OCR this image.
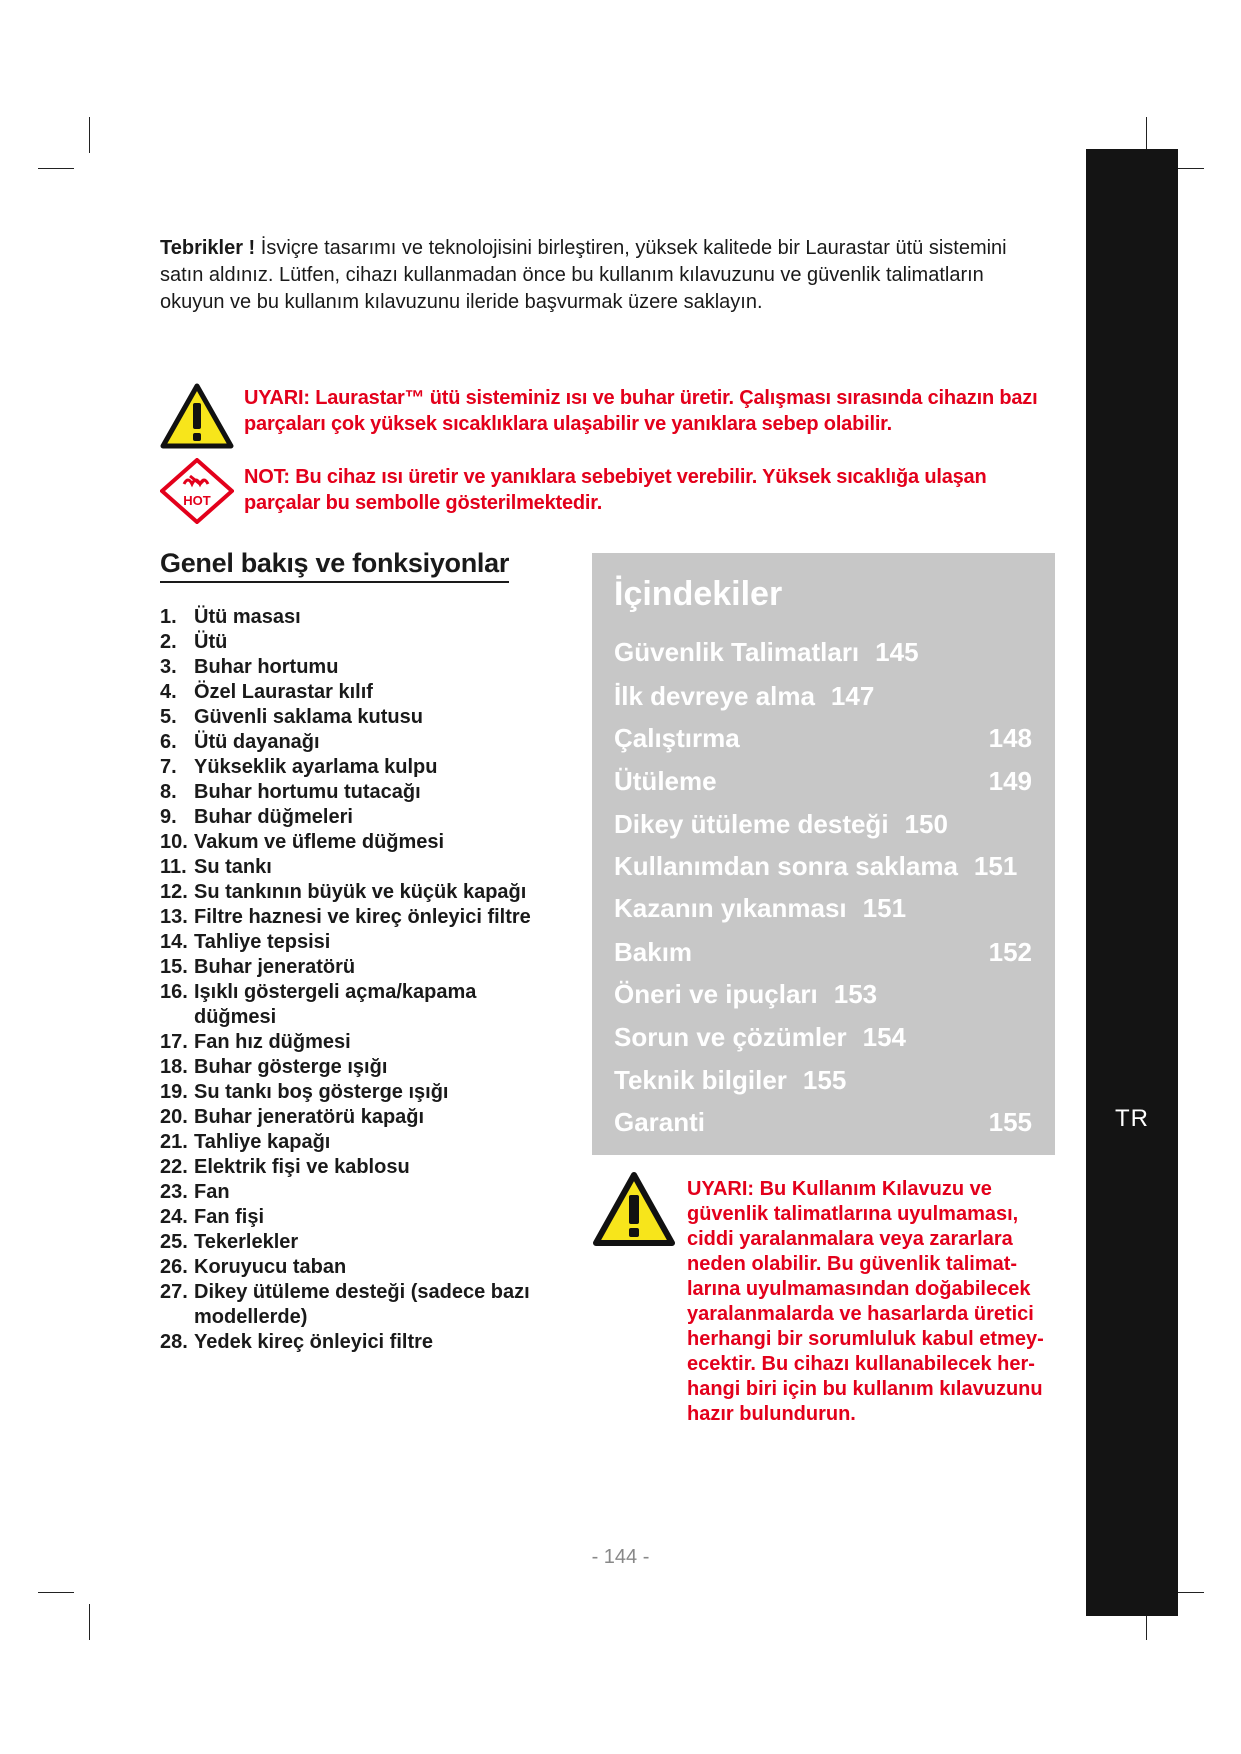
TR
Tebrikler ! İsviçre tasarımı ve teknolojisini birleştiren, yüksek kalitede bir Laurastar ütü sistemini
satın aldınız. Lütfen, cihazı kullanmadan önce bu kullanım kılavuzunu ve güvenlik talimatların
okuyun ve bu kullanım kılavuzunu ileride başvurmak üzere saklayın.
UYARI: Laurastar™ ütü sisteminiz ısı ve buhar üretir. Çalışması sırasında cihazın bazı
parçaları çok yüksek sıcaklıklara ulaşabilir ve yanıklara sebep olabilir.
HOT
NOT: Bu cihaz ısı üretir ve yanıklara sebebiyet verebilir. Yüksek sıcaklığa ulaşan
parçalar bu sembolle gösterilmektedir.
Genel bakış ve fonksiyonlar
1. Ütü masası
2. Ütü
3. Buhar hortumu
4. Özel Laurastar kılıf
5. Güvenli saklama kutusu
6. Ütü dayanağı
7. Yükseklik ayarlama kulpu
8. Buhar hortumu tutacağı
9. Buhar düğmeleri
10. Vakum ve üfleme düğmesi
11. Su tankı
12. Su tankının büyük ve küçük kapağı
13. Filtre haznesi ve kireç önleyici filtre
14. Tahliye tepsisi
15. Buhar jeneratörü
16. Işıklı göstergeli açma/kapama düğmesi
17. Fan hız düğmesi
18. Buhar gösterge ışığı
19. Su tankı boş gösterge ışığı
20. Buhar jeneratörü kapağı
21. Tahliye kapağı
22. Elektrik fişi ve kablosu
23. Fan
24. Fan fişi
25. Tekerlekler
26. Koruyucu taban
27. Dikey ütüleme desteği (sadece bazı modellerde)
28. Yedek kireç önleyici filtre
İçindekiler
Güvenlik Talimatları 145
İlk devreye alma 147
Çalıştırma	148
Ütüleme	149
Dikey ütüleme desteği 150
Kullanımdan sonra saklama 151
Kazanın yıkanması 151
Bakım	152
Öneri ve ipuçları 153
Sorun ve çözümler 154
Teknik bilgiler 155
Garanti	155
UYARI: Bu Kullanım Kılavuzu ve
güvenlik talimatlarına uyulmaması,
ciddi yaralanmalara veya zararlara
neden olabilir. Bu güvenlik talimat-
larına uyulmamasından doğabilecek
yaralanmalarda ve hasarlarda üretici
herhangi bir sorumluluk kabul etmey-
ecektir. Bu cihazı kullanabilecek her-
hangi biri için bu kullanım kılavuzunu
hazır bulundurun.
- 144 -
